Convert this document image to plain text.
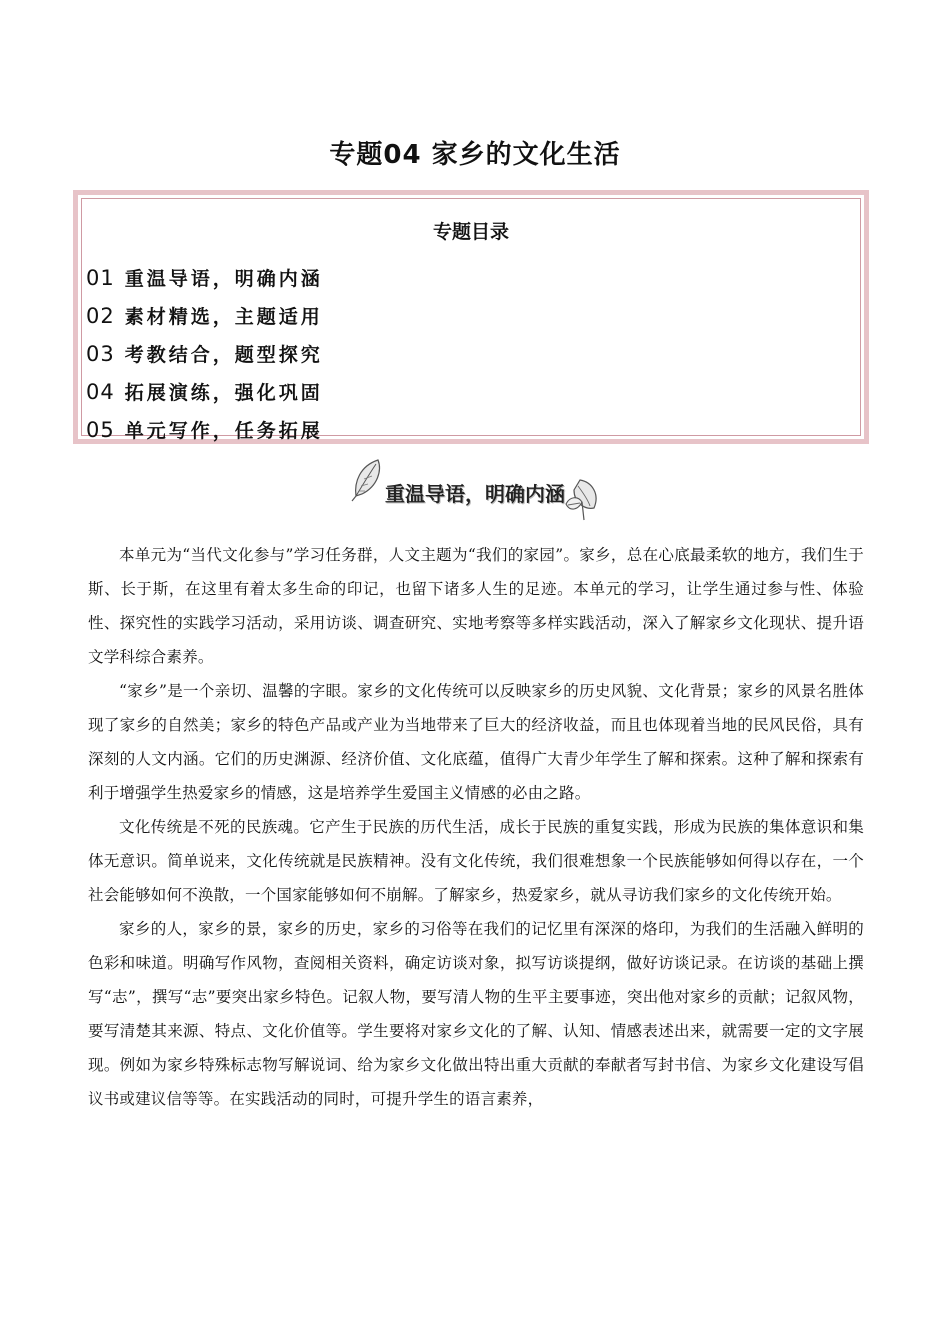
专题04 家乡的文化生活
专题目录
01 重温导语，明确内涵
02 素材精选，主题适用
03 考教结合，题型探究
04 拓展演练，强化巩固
05 单元写作，任务拓展
重温导语，明确内涵

本单元为“当代文化参与”学习任务群，人文主题为“我们的家园”。家乡，总在心底最柔软的地方，我们生于斯、长于斯，在这里有着太多生命的印记，也留下诸多人生的足迹。本单元的学习，让学生通过参与性、体验性、探究性的实践学习活动，采用访谈、调查研究、实地考察等多样实践活动，深入了解家乡文化现状、提升语文学科综合素养。

“家乡”是一个亲切、温馨的字眼。家乡的文化传统可以反映家乡的历史风貌、文化背景；家乡的风景名胜体现了家乡的自然美；家乡的特色产品或产业为当地带来了巨大的经济收益，而且也体现着当地的民风民俗，具有深刻的人文内涵。它们的历史渊源、经济价值、文化底蕴，值得广大青少年学生了解和探索。这种了解和探索有利于增强学生热爱家乡的情感，这是培养学生爱国主义情感的必由之路。

文化传统是不死的民族魂。它产生于民族的历代生活，成长于民族的重复实践，形成为民族的集体意识和集体无意识。简单说来，文化传统就是民族精神。没有文化传统，我们很难想象一个民族能够如何得以存在，一个社会能够如何不涣散，一个国家能够如何不崩解。了解家乡，热爱家乡，就从寻访我们家乡的文化传统开始。

家乡的人，家乡的景，家乡的历史，家乡的习俗等在我们的记忆里有深深的烙印，为我们的生活融入鲜明的色彩和味道。明确写作风物，查阅相关资料，确定访谈对象，拟写访谈提纲，做好访谈记录。在访谈的基础上撰写“志”，撰写“志”要突出家乡特色。记叙人物，要写清人物的生平主要事迹，突出他对家乡的贡献；记叙风物，要写清楚其来源、特点、文化价值等。学生要将对家乡文化的了解、认知、情感表述出来，就需要一定的文字展现。例如为家乡特殊标志物写解说词、给为家乡文化做出特出重大贡献的奉献者写封书信、为家乡文化建设写倡议书或建议信等等。在实践活动的同时，可提升学生的语言素养，
